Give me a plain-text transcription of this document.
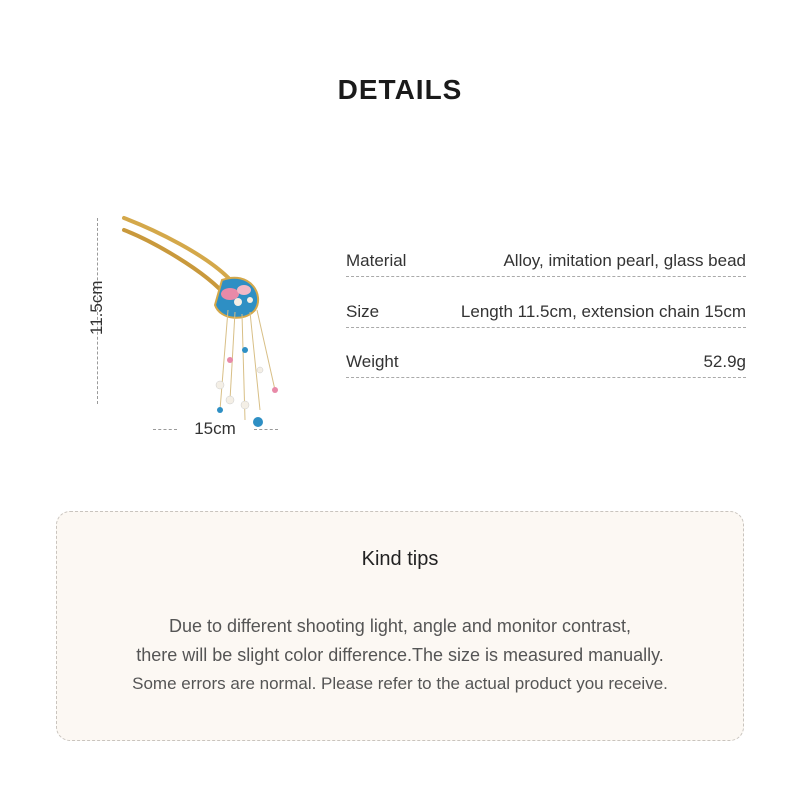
DETAILS
11.5cm
15cm
Material	Alloy, imitation pearl, glass bead
Size	Length 11.5cm, extension chain 15cm
Weight	52.9g
Kind tips
Due to different shooting light, angle and monitor contrast,
there will be slight color difference.The size is measured manually.
Some errors are normal. Please refer to the actual product you receive.
